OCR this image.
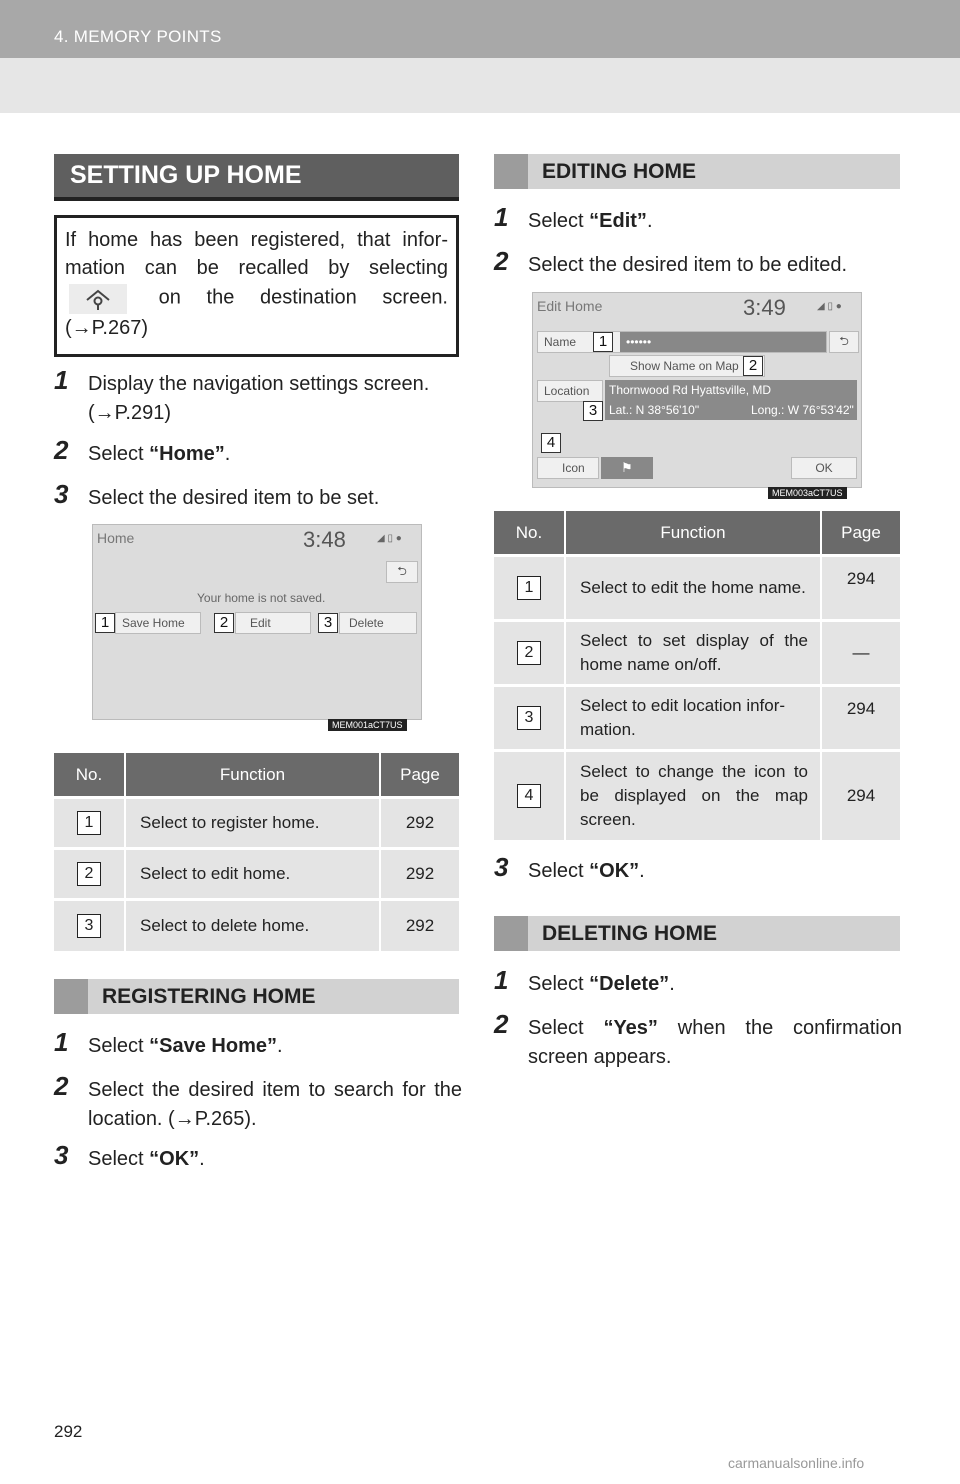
4. MEMORY POINTS
SETTING UP HOME
If home has been registered, that infor-mation can be recalled by selecting  on the destination screen. (→P.267)
1 Display the navigation settings screen. (→P.291)
2 Select “Home”.
3 Select the desired item to be set.
Home	3:48	◢ ▯ ●
⮌
Your home is not saved.
Save Home	Edit	Delete
1	2	3
MEM001aCT7US
No.	Function	Page
1	Select to register home.	292
2	Select to edit home.	292
3	Select to delete home.	292
REGISTERING HOME
1 Select “Save Home”.
2 Select the desired item to search for the location. (→P.265).
3 Select “OK”.
EDITING HOME
1 Select “Edit”.
2 Select the desired item to be edited.
Edit Home	3:49	◢ ▯ ●
Name	••••••	⮌
Show Name on Map
Location Thornwood Rd Hyattsville, MD
Lat.: N 38°56'10"	Long.: W 76°53'42"
Icon	⚑	OK
1
2
3
4
MEM003aCT7US
No.	Function	Page
1	Select to edit the home name.	294
2	Select to set display of the home name on/off.	—
3	Select to edit location infor-mation.	294
4	Select to change the icon to be displayed on the map screen.	294
3 Select “OK”.
DELETING HOME
1 Select “Delete”.
2 Select “Yes” when the confirmation screen appears.
292
carmanualsonline.info
